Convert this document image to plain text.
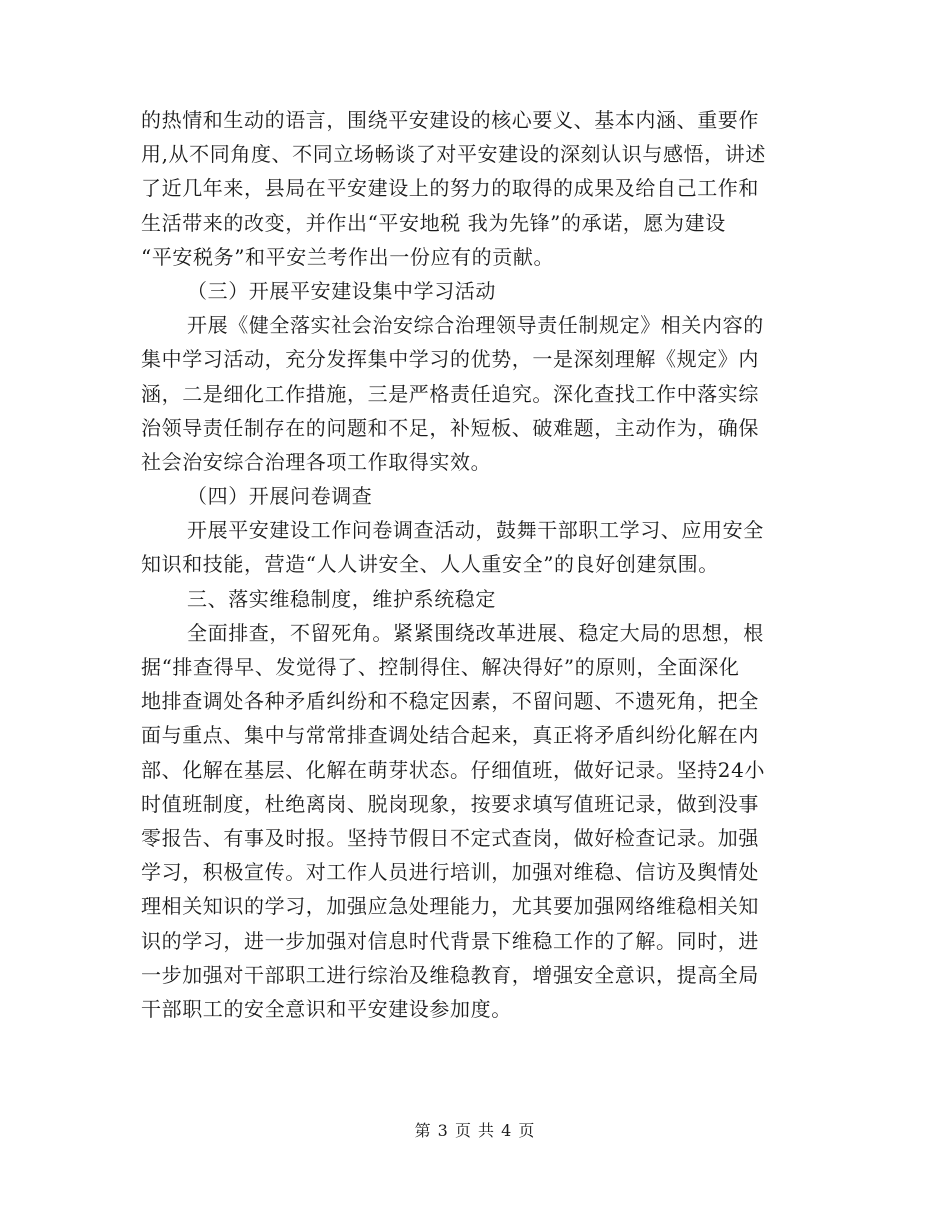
的热情和生动的语言，围绕平安建设的核心要义、基本内涵、重要作
用,从不同角度、不同立场畅谈了对平安建设的深刻认识与感悟，讲述
了近几年来，县局在平安建设上的努力的取得的成果及给自己工作和
生活带来的改变，并作出“平安地税 我为先锋”的承诺，愿为建设
“平安税务”和平安兰考作出一份应有的贡献。
（三）开展平安建设集中学习活动
开展《健全落实社会治安综合治理领导责任制规定》相关内容的
集中学习活动，充分发挥集中学习的优势，一是深刻理解《规定》内
涵，二是细化工作措施，三是严格责任追究。深化查找工作中落实综
治领导责任制存在的问题和不足，补短板、破难题，主动作为，确保
社会治安综合治理各项工作取得实效。
（四）开展问卷调查
开展平安建设工作问卷调查活动，鼓舞干部职工学习、应用安全
知识和技能，营造“人人讲安全、人人重安全”的良好创建氛围。
三、落实维稳制度，维护系统稳定
全面排查，不留死角。紧紧围绕改革进展、稳定大局的思想，根
据“排查得早、发觉得了、控制得住、解决得好”的原则，全面深化
地排查调处各种矛盾纠纷和不稳定因素，不留问题、不遗死角，把全
面与重点、集中与常常排查调处结合起来，真正将矛盾纠纷化解在内
部、化解在基层、化解在萌芽状态。仔细值班，做好记录。坚持24小
时值班制度，杜绝离岗、脱岗现象，按要求填写值班记录，做到没事
零报告、有事及时报。坚持节假日不定式查岗，做好检查记录。加强
学习，积极宣传。对工作人员进行培训，加强对维稳、信访及舆情处
理相关知识的学习，加强应急处理能力，尤其要加强网络维稳相关知
识的学习，进一步加强对信息时代背景下维稳工作的了解。同时，进
一步加强对干部职工进行综治及维稳教育，增强安全意识，提高全局
干部职工的安全意识和平安建设参加度。
第 3 页 共 4 页
